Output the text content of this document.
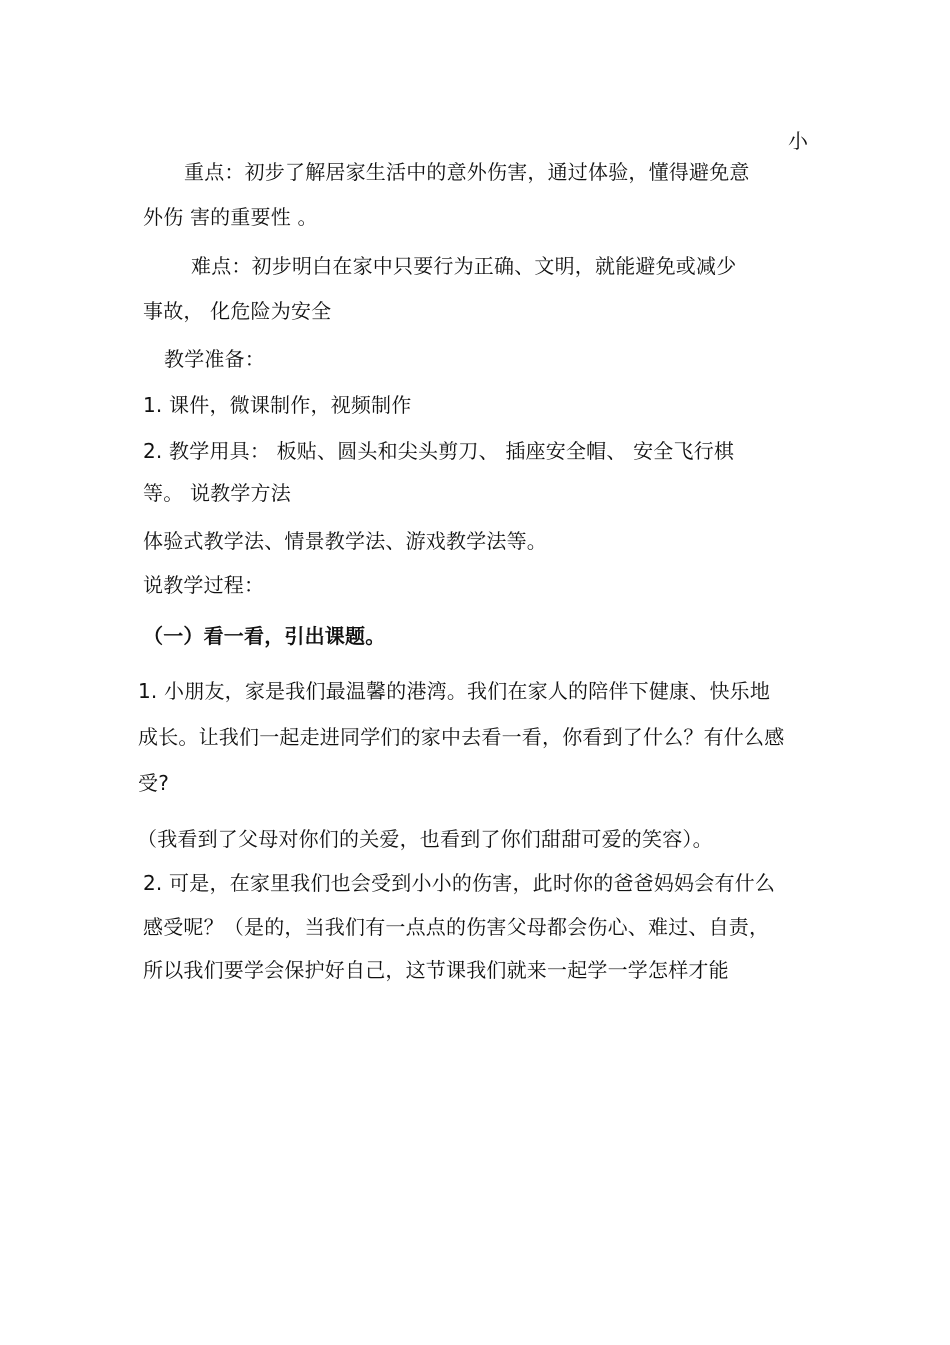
小
重点：初步了解居家生活中的意外伤害，通过体验，懂得避免意
外伤 害的重要性 。
难点：初步明白在家中只要行为正确、文明，就能避免或减少
事故， 化危险为安全
教学准备：
1. 课件，微课制作，视频制作
2. 教学用具： 板贴、圆头和尖头剪刀、 插座安全帽、 安全飞行棋
等。 说教学方法
体验式教学法、情景教学法、游戏教学法等。
说教学过程：
（一）看一看，引出课题。
1. 小朋友，家是我们最温馨的港湾。我们在家人的陪伴下健康、快乐地
成长。让我们一起走进同学们的家中去看一看，你看到了什么？有什么感
受?
（我看到了父母对你们的关爱，也看到了你们甜甜可爱的笑容）。
2. 可是，在家里我们也会受到小小的伤害，此时你的爸爸妈妈会有什么
感受呢？（是的，当我们有一点点的伤害父母都会伤心、难过、自责，
所以我们要学会保护好自己，这节课我们就来一起学一学怎样才能
